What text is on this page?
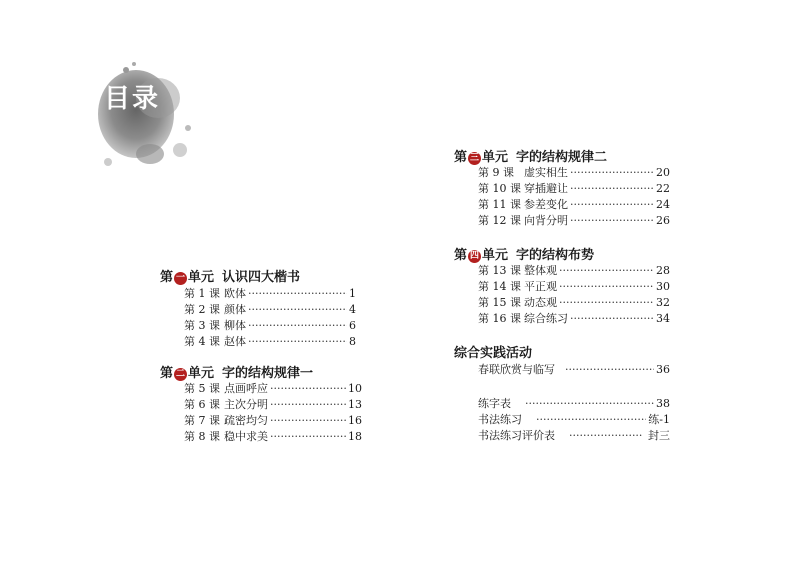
目录
第 一 单元 认识四大楷书
第 1 课 欧体 ·····	1
第 2 课 颜体 ·····	4
第 3 课 柳体 ·····	6
第 4 课 赵体 ·····	8
第 二 单元 字的结构规律一
第 5 课 点画呼应 ·····	10
第 6 课 主次分明 ·····	13
第 7 课 疏密均匀 ·····	16
第 8 课 稳中求美 ·····	18
第 三 单元 字的结构规律二
第 9 课 虚实相生 ·····	20
第 10 课 穿插避让 ·····	22
第 11 课 参差变化 ·····	24
第 12 课 向背分明 ·····	26
第 四 单元 字的结构布势
第 13 课 整体观 ·····	28
第 14 课 平正观 ·····	30
第 15 课 动态观 ·····	32
第 16 课 综合练习 ·····	34
综合实践活动
春联欣赏与临写 ·····	36
练字表 ·····	38
书法练习 ·····	练-1
书法练习评价表 ·····	封三
